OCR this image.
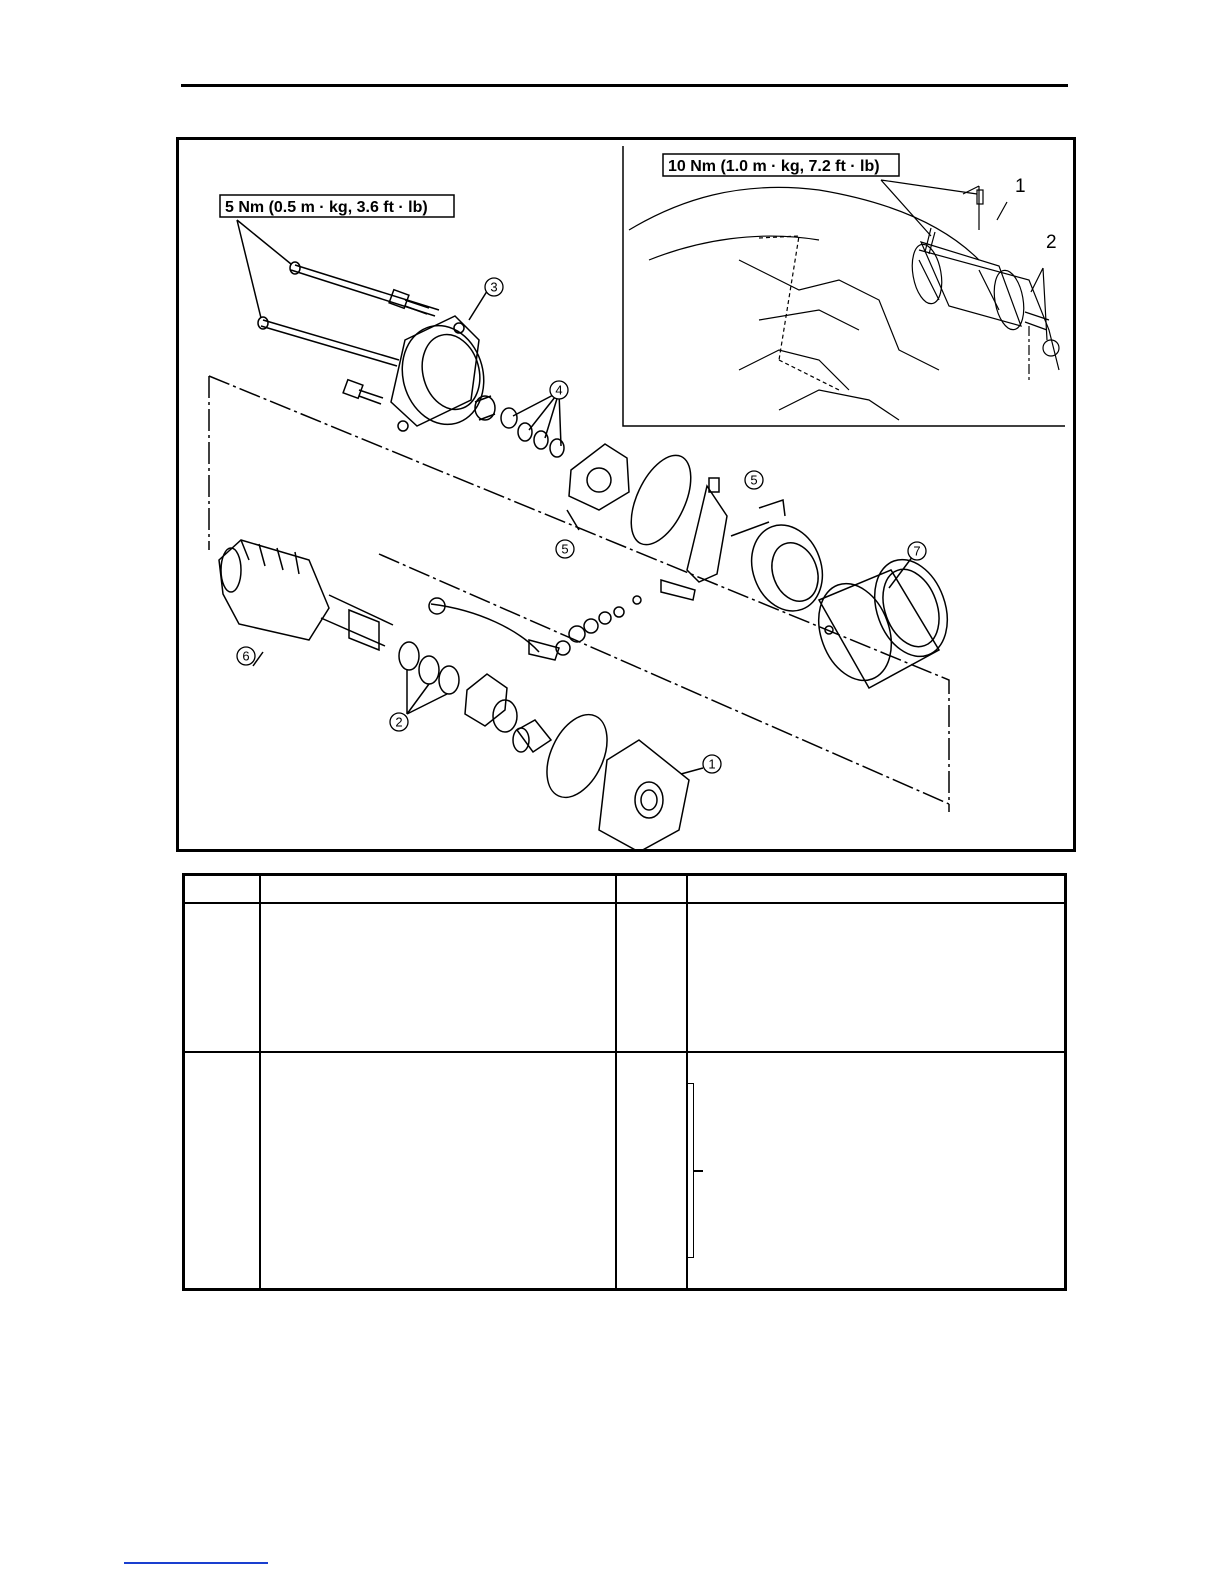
3
4
5
5
7
6
2
1
1
2
5 Nm (0.5 m · kg, 3.6 ft · lb)
10 Nm (1.0 m · kg, 7.2 ft · lb)
